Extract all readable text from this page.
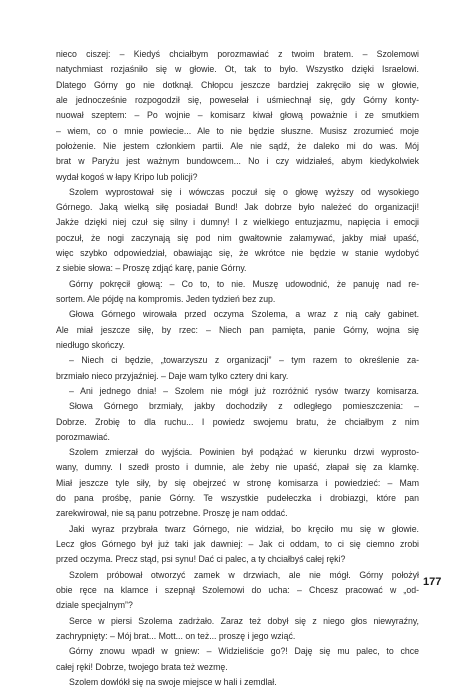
nieco ciszej: – Kiedyś chciałbym porozmawiać z twoim bratem. – Szolemowi
natychmiast rozjaśniło się w głowie. Ot, tak to było. Wszystko dzięki Israelowi.
Dlatego Górny go nie dotknął. Chłopcu jeszcze bardziej zakręciło się w głowie,
ale jednocześnie rozpogodził się, powesełał i uśmiechnął się, gdy Górny konty-
nuował szeptem: – Po wojnie – komisarz kiwał głową poważnie i ze smutkiem
– wiem, co o mnie powiecie... Ale to nie będzie słuszne. Musisz zrozumieć moje
położenie. Nie jestem członkiem partii. Ale nie sądź, że daleko mi do was. Mój
brat w Paryżu jest ważnym bundowcem... No i czy widziałeś, abym kiedykolwiek
wydał kogoś w łapy Kripo lub policji?
Szolem wyprostował się i wówczas poczuł się o głowę wyższy od wysokiego
Górnego. Jaką wielką siłę posiadał Bund! Jak dobrze było należeć do organizacji!
Jakże dzięki niej czuł się silny i dumny! I z wielkiego entuzjazmu, napięcia i emocji
poczuł, że nogi zaczynają się pod nim gwałtownie załamywać, jakby miał upaść,
więc szybko odpowiedział, obawiając się, że wkrótce nie będzie w stanie wydobyć
z siebie słowa: – Proszę zdjąć karę, panie Górny.
Górny pokręcił głową: – Co to, to nie. Muszę udowodnić, że panuję nad re-
sortem. Ale pójdę na kompromis. Jeden tydzień bez zup.
Głowa Górnego wirowała przed oczyma Szolema, a wraz z nią cały gabinet.
Ale miał jeszcze siłę, by rzec: – Niech pan pamięta, panie Górny, wojna się
niedługo skończy.
– Niech ci będzie, „towarzyszu z organizacji” – tym razem to określenie za-
brzmiało nieco przyjaźniej. – Daje wam tylko cztery dni kary.
– Ani jednego dnia! – Szolem nie mógł już rozróżnić rysów twarzy komisarza.
Słowa Górnego brzmiały, jakby dochodziły z odległego pomieszczenia: –
Dobrze. Zrobię to dla ruchu... I powiedz swojemu bratu, że chciałbym z nim
porozmawiać.
Szolem zmierzał do wyjścia. Powinien był podążać w kierunku drzwi wyprosto-
wany, dumny. I szedł prosto i dumnie, ale żeby nie upaść, złapał się za klamkę.
Miał jeszcze tyle siły, by się obejrzeć w stronę komisarza i powiedzieć: – Mam
do pana prośbę, panie Górny. Te wszystkie pudełeczka i drobiazgi, które pan
zarekwirował, nie są panu potrzebne. Proszę je nam oddać.
Jaki wyraz przybrała twarz Górnego, nie widział, bo kręciło mu się w głowie.
Lecz głos Górnego był już taki jak dawniej: – Jak ci oddam, to ci się ciemno zrobi
przed oczyma. Precz stąd, psi synu! Dać ci palec, a ty chciałbyś całej ręki?
Szolem próbował otworzyć zamek w drzwiach, ale nie mógł. Górny położył
obie ręce na klamce i szepnął Szolemowi do ucha: – Chcesz pracować w „od-
dziale specjalnym”?
Serce w piersi Szolema zadrżało. Zaraz też dobył się z niego głos niewyraźny,
zachrypnięty: – Mój brat... Mott... on też... proszę i jego wziąć.
Górny znowu wpadł w gniew: – Widzieliście go?! Daję się mu palec, to chce
całej ręki! Dobrze, twojego brata też wezmę.
Szolem dowlókł się na swoje miejsce w hali i zemdlał.
177
